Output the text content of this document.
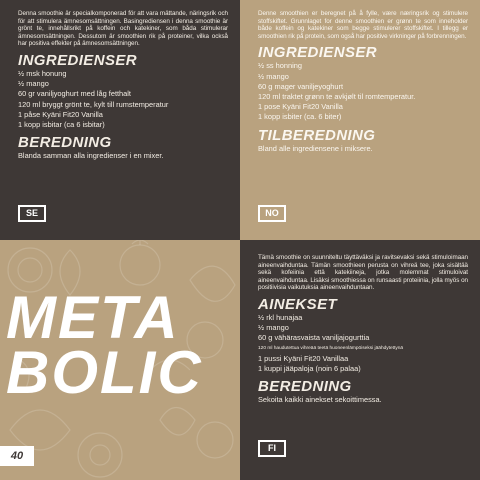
Denna smoothie är specialkomponerad för att vara mättande, näringsrik och för att stimulera ämnesomsättningen. Basingrediensen i denna smoothie är grönt te, innehållsrikt på koffein och katekiner, som båda stimulerar ämnesomsättningen. Dessutom är smoothien rik på proteiner, vilka också har positiva effekter på ämnesomsättningen.

INGREDIENSER
½ msk honung
½ mango
60 gr vaniljyoghurt med låg fetthalt
120 ml bryggt grönt te, kylt till rumstemperatur
1 påse Kyäni Fit20 Vanilla
1 kopp isbitar (ca 6 isbitar)
BEREDNING

Blanda samman alla ingredienser i en mixer.

SE

Denne smoothien er beregnet på å fylle, være næringsrik og stimulere stoffskiftet. Grunnlaget for denne smoothien er grønn te som inneholder både koffein og katekiner som begge stimulerer stoffskiftet. I tillegg er smoothien rik på protein, som også har positive virkninger på forbrenningen.

INGREDIENSER
½ ss honning
½ mango
60 g mager vaniljeyoghurt
120 ml traktet grønn te avkjølt til romtemperatur.
1 pose Kyäni Fit20 Vanilla
1 kopp isbiter (ca. 6 biter)
TILBEREDNING

Bland alle ingrediensene i miksere.

NO
META
BOLIC
40

Tämä smoothie on suunniteltu täyttäväksi ja ravitsevaksi sekä stimuloimaan aineenvaihduntaa. Tämän smoothieen perusta on vihreä tee, joka sisältää sekä kofeiinia että katekiineja, jotka molemmat stimuloivat aineenvaihduntaa. Lisäksi smoothiessa on runsaasti proteiinia, jolla myös on positiivisia vaikutuksia aineenvaihduntaan.

AINEKSET
½ rkl hunajaa
½ mango
60 g vähärasvaista vaniljajogurttia
120 ml haudutettua vihreää teetä huoneenlämpöiseksi jäähdytettynä
1 pussi Kyäni Fit20 Vanillaa
1 kuppi jääpaloja (noin 6 palaa)
BEREDNING

Sekoita kaikki ainekset sekoittimessa.

FI
